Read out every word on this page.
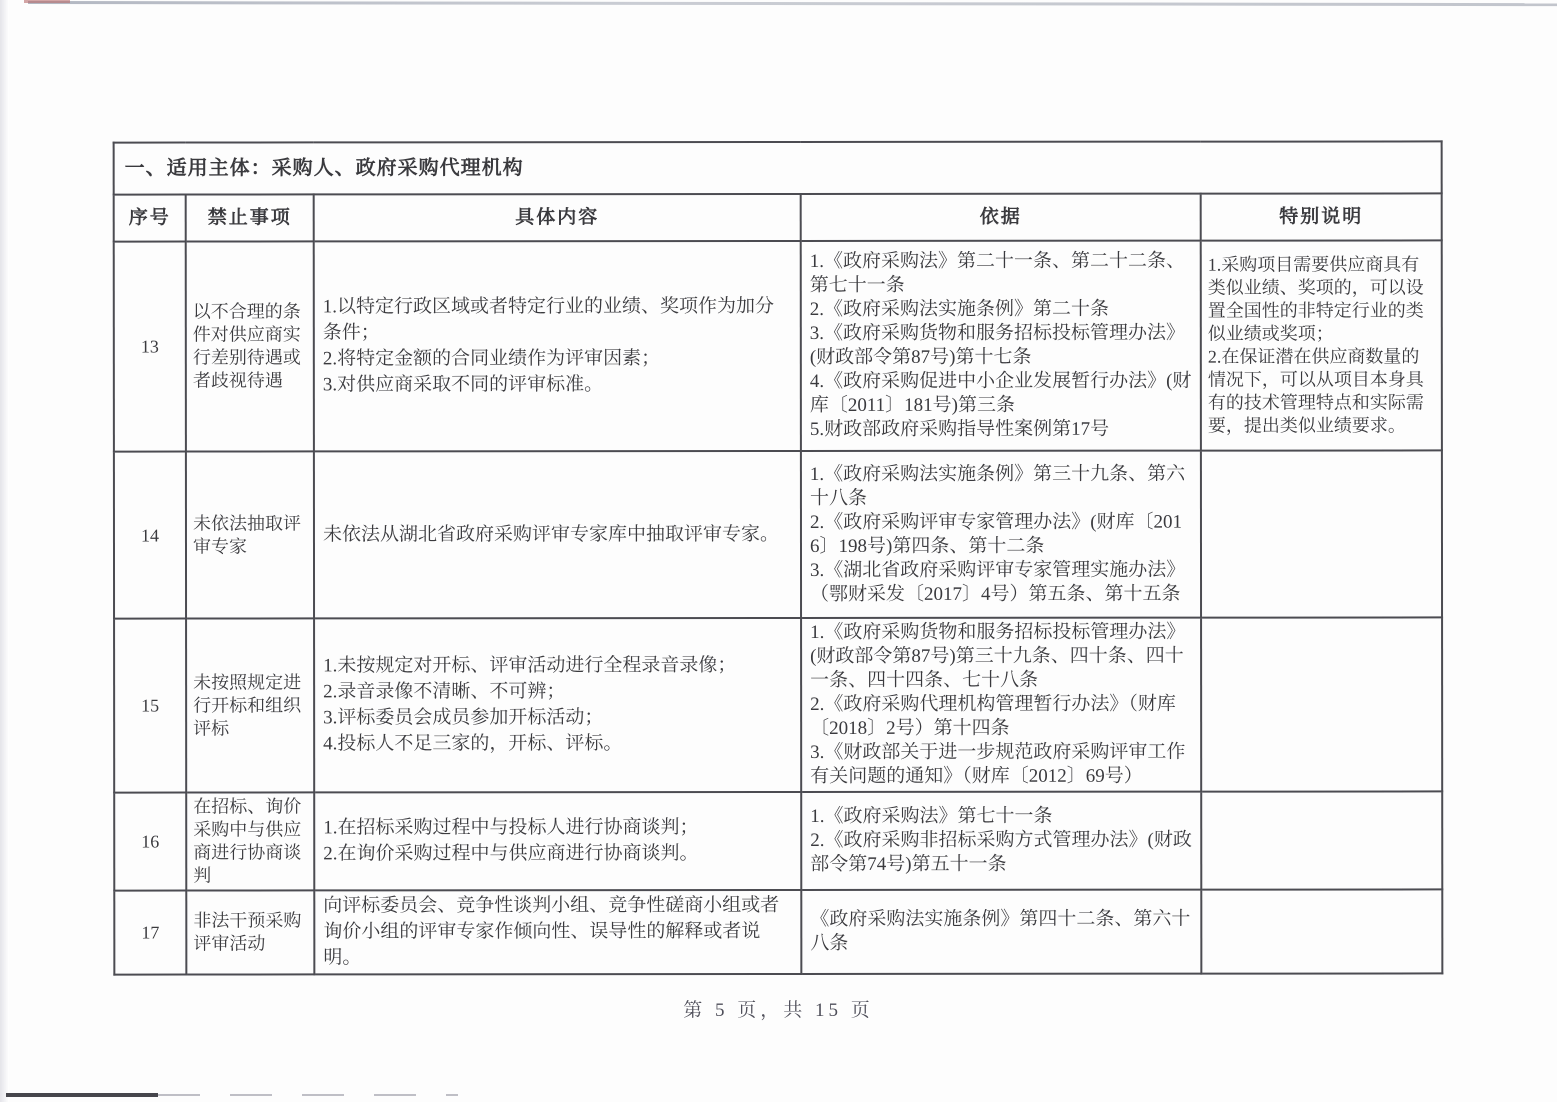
一、适用主体：采购人、政府采购代理机构				
序号	禁止事项	具体内容	依据	特别说明
13	以不合理的条件对供应商实行差别待遇或者歧视待遇	1.以特定行政区域或者特定行业的业绩、奖项作为加分条件；
2.将特定金额的合同业绩作为评审因素；
3.对供应商采取不同的评审标准。	1.《政府采购法》第二十一条、第二十二条、第七十一条
2.《政府采购法实施条例》第二十条
3.《政府采购货物和服务招标投标管理办法》(财政部令第87号)第十七条
4.《政府采购促进中小企业发展暂行办法》(财库〔2011〕181号)第三条
5.财政部政府采购指导性案例第17号	1.采购项目需要供应商具有类似业绩、奖项的，可以设置全国性的非特定行业的类似业绩或奖项；
2.在保证潜在供应商数量的情况下，可以从项目本身具有的技术管理特点和实际需要，提出类似业绩要求。
14	未依法抽取评审专家	未依法从湖北省政府采购评审专家库中抽取评审专家。	1.《政府采购法实施条例》第三十九条、第六十八条
2.《政府采购评审专家管理办法》(财库〔2016〕198号)第四条、第十二条
3.《湖北省政府采购评审专家管理实施办法》（鄂财采发〔2017〕4号）第五条、第十五条	
15	未按照规定进行开标和组织评标	1.未按规定对开标、评审活动进行全程录音录像；
2.录音录像不清晰、不可辨；
3.评标委员会成员参加开标活动；
4.投标人不足三家的，开标、评标。	1.《政府采购货物和服务招标投标管理办法》(财政部令第87号)第三十九条、四十条、四十一条、四十四条、七十八条
2.《政府采购代理机构管理暂行办法》（财库〔2018〕2号）第十四条
3.《财政部关于进一步规范政府采购评审工作有关问题的通知》（财库〔2012〕69号）	
16	在招标、询价采购中与供应商进行协商谈判	1.在招标采购过程中与投标人进行协商谈判；
2.在询价采购过程中与供应商进行协商谈判。	1.《政府采购法》第七十一条
2.《政府采购非招标采购方式管理办法》(财政部令第74号)第五十一条	
17	非法干预采购评审活动	向评标委员会、竞争性谈判小组、竞争性磋商小组或者询价小组的评审专家作倾向性、误导性的解释或者说明。	《政府采购法实施条例》第四十二条、第六十八条	
第 5 页，共 15 页
